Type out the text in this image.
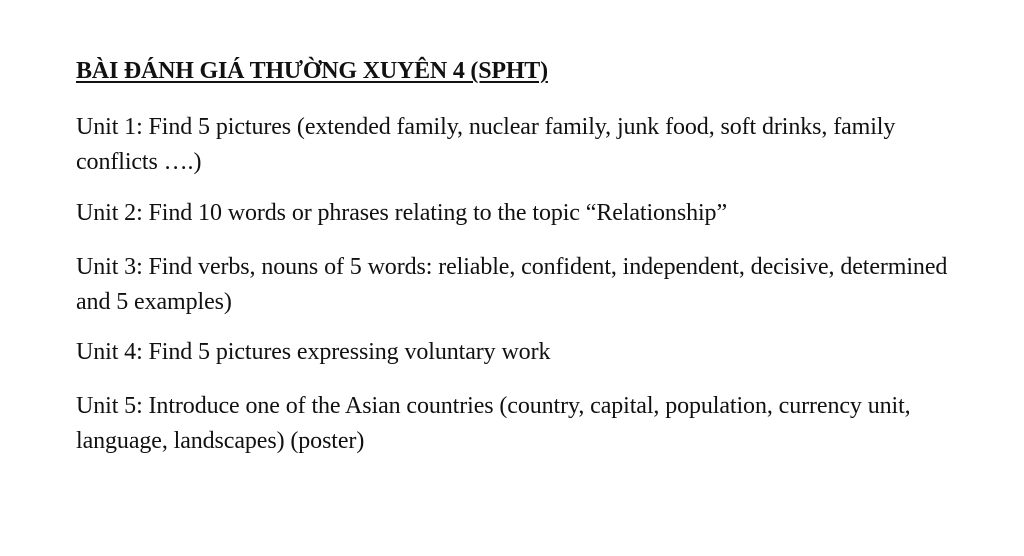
BÀI ĐÁNH GIÁ THƯỜNG XUYÊN 4 (SPHT)

Unit 1: Find 5 pictures (extended family, nuclear family, junk food, soft drinks, family conflicts ….)

Unit 2: Find 10 words or phrases relating to the topic “Relationship”

Unit 3: Find verbs, nouns of 5 words: reliable, confident, independent, decisive, determined and 5 examples)

Unit 4: Find 5 pictures expressing voluntary work

Unit 5: Introduce one of the Asian countries (country, capital, population, currency unit, language, landscapes) (poster)
